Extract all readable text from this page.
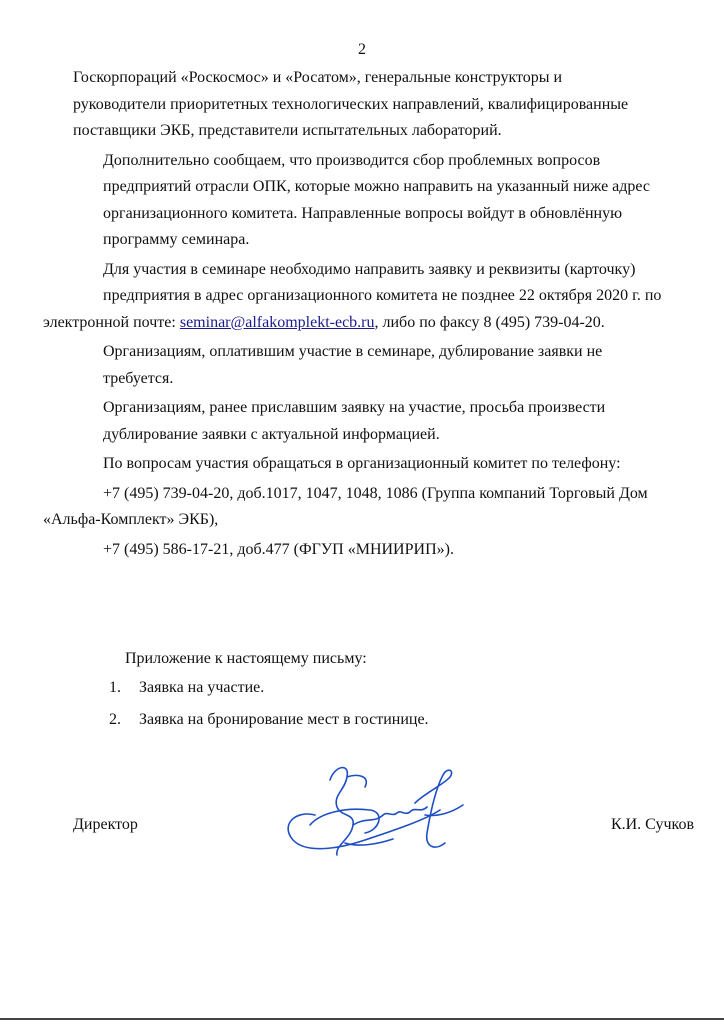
2

Госкорпораций «Роскосмос» и «Росатом», генеральные конструкторы и
руководители приоритетных технологических направлений, квалифицированные
поставщики ЭКБ, представители испытательных лабораторий.

Дополнительно сообщаем, что производится сбор проблемных вопросов
предприятий отрасли ОПК, которые можно направить на указанный ниже адрес
организационного комитета. Направленные вопросы войдут в обновлённую
программу семинара.

Для участия в семинаре необходимо направить заявку и реквизиты (карточку)
предприятия в адрес организационного комитета не позднее 22 октября 2020 г. по
электронной почте: seminar@alfakomplekt-ecb.ru, либо по факсу 8 (495) 739-04-20.

Организациям, оплатившим участие в семинаре, дублирование заявки не
требуется.

Организациям, ранее приславшим заявку на участие, просьба произвести
дублирование заявки с актуальной информацией.

По вопросам участия обращаться в организационный комитет по телефону:

+7 (495) 739-04-20, доб.1017, 1047, 1048, 1086 (Группа компаний Торговый Дом
«Альфа-Комплект» ЭКБ),

+7 (495) 586-17-21, доб.477 (ФГУП «МНИИРИП»).

Приложение к настоящему письму:
1. Заявка на участие.
2. Заявка на бронирование мест в гостинице.
Директор	К.И. Сучков
